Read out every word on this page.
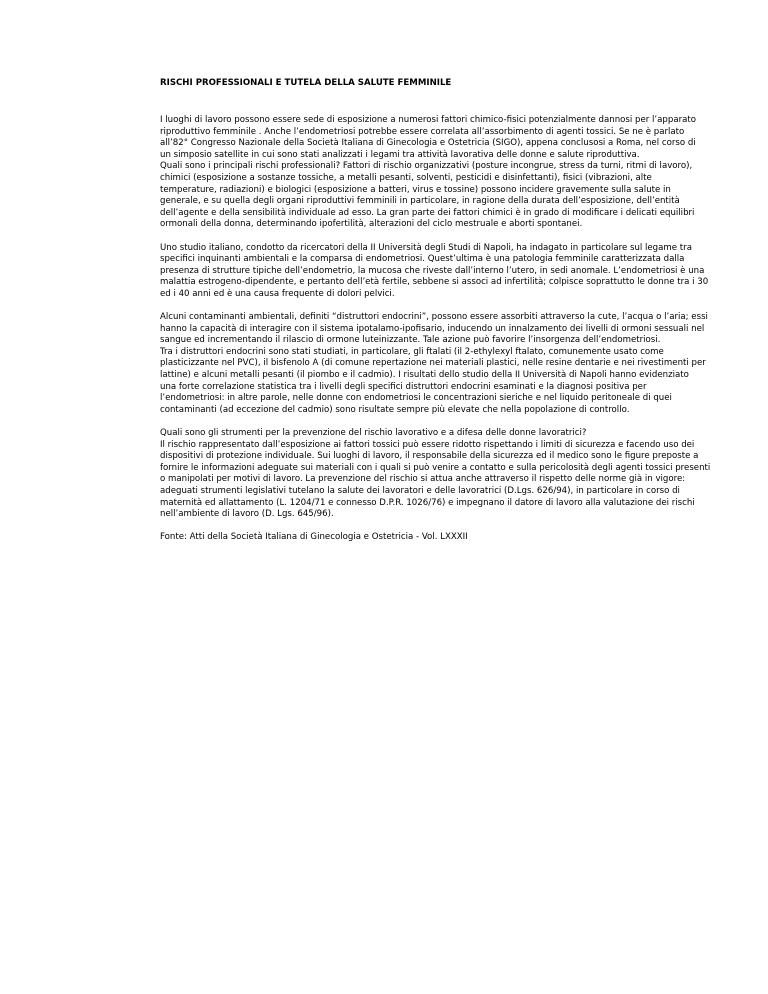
RISCHI PROFESSIONALI E TUTELA DELLA SALUTE FEMMINILE
I luoghi di lavoro possono essere sede di esposizione a numerosi fattori chimico-fisici potenzialmente dannosi per l’apparato
riproduttivo femminile . Anche l’endometriosi potrebbe essere correlata all’assorbimento di agenti tossici. Se ne è parlato
all’82° Congresso Nazionale della Società Italiana di Ginecologia e Ostetricia (SIGO), appena conclusosi a Roma, nel corso di
un simposio satellite in cui sono stati analizzati i legami tra attività lavorativa delle donne e salute riproduttiva.
Quali sono i principali rischi professionali? Fattori di rischio organizzativi (posture incongrue, stress da turni, ritmi di lavoro),
chimici (esposizione a sostanze tossiche, a metalli pesanti, solventi, pesticidi e disinfettanti), fisici (vibrazioni, alte
temperature, radiazioni) e biologici (esposizione a batteri, virus e tossine) possono incidere gravemente sulla salute in
generale, e su quella degli organi riproduttivi femminili in particolare, in ragione della durata dell’esposizione, dell’entità
dell’agente e della sensibilità individuale ad esso. La gran parte dei fattori chimici è in grado di modificare i delicati equilibri
ormonali della donna, determinando ipofertilità, alterazioni del ciclo mestruale e aborti spontanei.
Uno studio italiano, condotto da ricercatori della II Università degli Studi di Napoli, ha indagato in particolare sul legame tra
specifici inquinanti ambientali e la comparsa di endometriosi. Quest’ultima è una patologia femminile caratterizzata dalla
presenza di strutture tipiche dell’endometrio, la mucosa che riveste dall’interno l’utero, in sedi anomale. L’endometriosi è una
malattia estrogeno-dipendente, e pertanto dell’età fertile, sebbene si associ ad infertilità; colpisce soprattutto le donne tra i 30
ed i 40 anni ed è una causa frequente di dolori pelvici.
Alcuni contaminanti ambientali, definiti “distruttori endocrini”, possono essere assorbiti attraverso la cute, l’acqua o l’aria; essi
hanno la capacità di interagire con il sistema ipotalamo-ipofisario, inducendo un innalzamento dei livelli di ormoni sessuali nel
sangue ed incrementando il rilascio di ormone luteinizzante. Tale azione può favorire l’insorgenza dell’endometriosi.
Tra i distruttori endocrini sono stati studiati, in particolare, gli ftalati (il 2-ethylexyl ftalato, comunemente usato come
plasticizzante nel PVC), il bisfenolo A (di comune repertazione nei materiali plastici, nelle resine dentarie e nei rivestimenti per
lattine) e alcuni metalli pesanti (il piombo e il cadmio). I risultati dello studio della II Università di Napoli hanno evidenziato
una forte correlazione statistica tra i livelli degli specifici distruttori endocrini esaminati e la diagnosi positiva per
l’endometriosi: in altre parole, nelle donne con endometriosi le concentrazioni sieriche e nel liquido peritoneale di quei
contaminanti (ad eccezione del cadmio) sono risultate sempre più elevate che nella popolazione di controllo.
Quali sono gli strumenti per la prevenzione del rischio lavorativo e a difesa delle donne lavoratrici?
Il rischio rappresentato dall’esposizione ai fattori tossici può essere ridotto rispettando i limiti di sicurezza e facendo uso dei
dispositivi di protezione individuale. Sui luoghi di lavoro, il responsabile della sicurezza ed il medico sono le figure preposte a
fornire le informazioni adeguate sui materiali con i quali si può venire a contatto e sulla pericolosità degli agenti tossici presenti
o manipolati per motivi di lavoro. La prevenzione del rischio si attua anche attraverso il rispetto delle norme già in vigore:
adeguati strumenti legislativi tutelano la salute dei lavoratori e delle lavoratrici (D.Lgs. 626/94), in particolare in corso di
maternità ed allattamento (L. 1204/71 e connesso D.P.R. 1026/76) e impegnano il datore di lavoro alla valutazione dei rischi
nell’ambiente di lavoro (D. Lgs. 645/96).
Fonte: Atti della Società Italiana di Ginecologia e Ostetricia - Vol. LXXXII
